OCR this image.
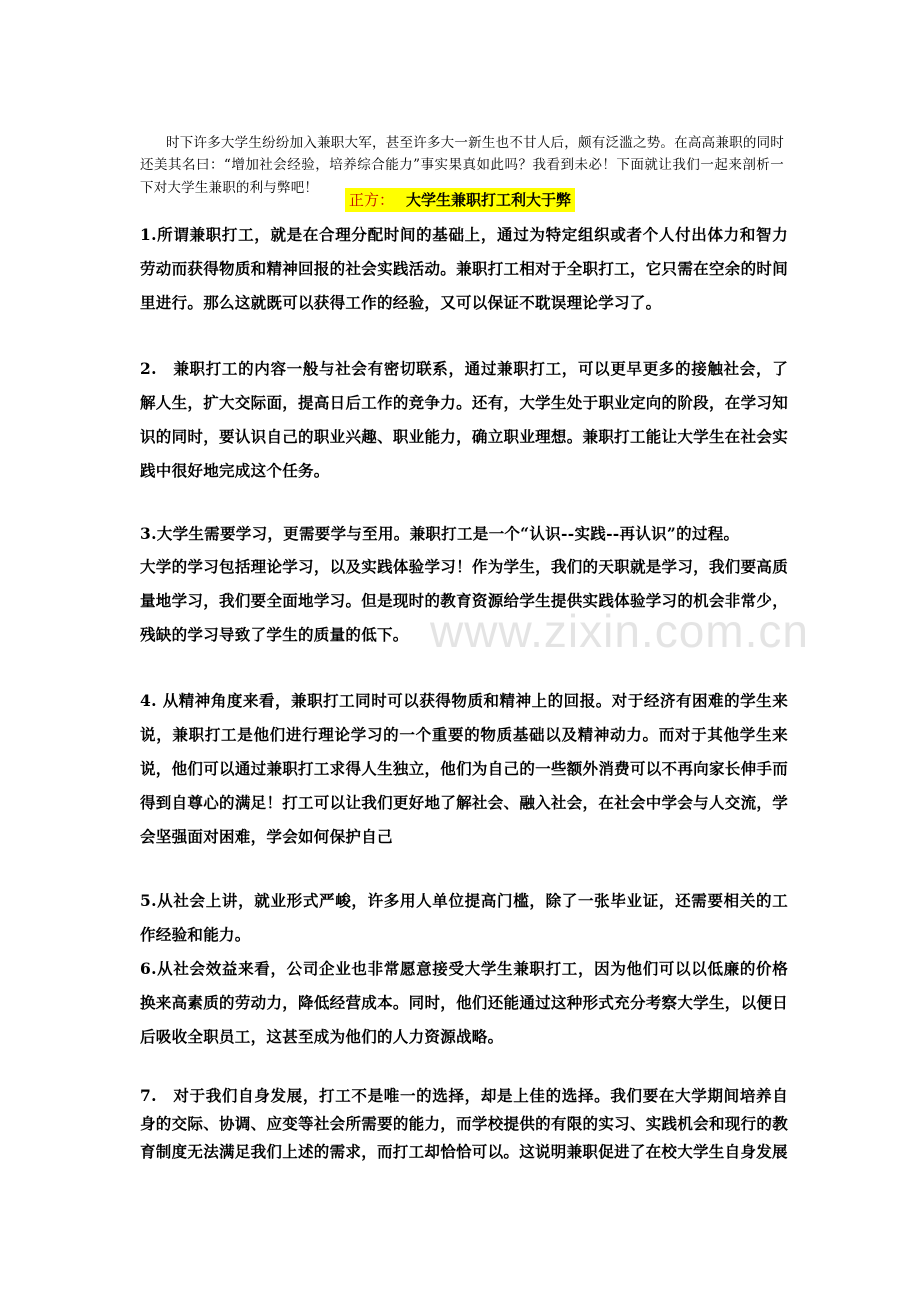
时下许多大学生纷纷加入兼职大军，甚至许多大一新生也不甘人后，颇有泛滥之势。在高高兼职的同时还美其名曰：“增加社会经验，培养综合能力”事实果真如此吗？我看到未必！下面就让我们一起来剖析一下对大学生兼职的利与弊吧！

正方： 大学生兼职打工利大于弊

1.所谓兼职打工，就是在合理分配时间的基础上，通过为特定组织或者个人付出体力和智力劳动而获得物质和精神回报的社会实践活动。兼职打工相对于全职打工，它只需在空余的时间里进行。那么这就既可以获得工作的经验，又可以保证不耽误理论学习了。

2.　兼职打工的内容一般与社会有密切联系，通过兼职打工，可以更早更多的接触社会，了解人生，扩大交际面，提高日后工作的竞争力。还有，大学生处于职业定向的阶段，在学习知识的同时，要认识自己的职业兴趣、职业能力，确立职业理想。兼职打工能让大学生在社会实践中很好地完成这个任务。

3.大学生需要学习，更需要学与至用。兼职打工是一个“认识--实践--再认识”的过程。

大学的学习包括理论学习，以及实践体验学习！作为学生，我们的天职就是学习，我们要高质量地学习，我们要全面地学习。但是现时的教育资源给学生提供实践体验学习的机会非常少，残缺的学习导致了学生的质量的低下。

4. 从精神角度来看，兼职打工同时可以获得物质和精神上的回报。对于经济有困难的学生来说，兼职打工是他们进行理论学习的一个重要的物质基础以及精神动力。而对于其他学生来说，他们可以通过兼职打工求得人生独立，他们为自己的一些额外消费可以不再向家长伸手而得到自尊心的满足！打工可以让我们更好地了解社会、融入社会，在社会中学会与人交流，学会坚强面对困难，学会如何保护自己

5.从社会上讲，就业形式严峻，许多用人单位提高门槛，除了一张毕业证，还需要相关的工作经验和能力。

6.从社会效益来看，公司企业也非常愿意接受大学生兼职打工，因为他们可以以低廉的价格换来高素质的劳动力，降低经营成本。同时，他们还能通过这种形式充分考察大学生，以便日后吸收全职员工，这甚至成为他们的人力资源战略。

7.　对于我们自身发展，打工不是唯一的选择，却是上佳的选择。我们要在大学期间培养自身的交际、协调、应变等社会所需要的能力，而学校提供的有限的实习、实践机会和现行的教育制度无法满足我们上述的需求，而打工却恰恰可以。这说明兼职促进了在校大学生自身发展

www.zixin.com.cn
